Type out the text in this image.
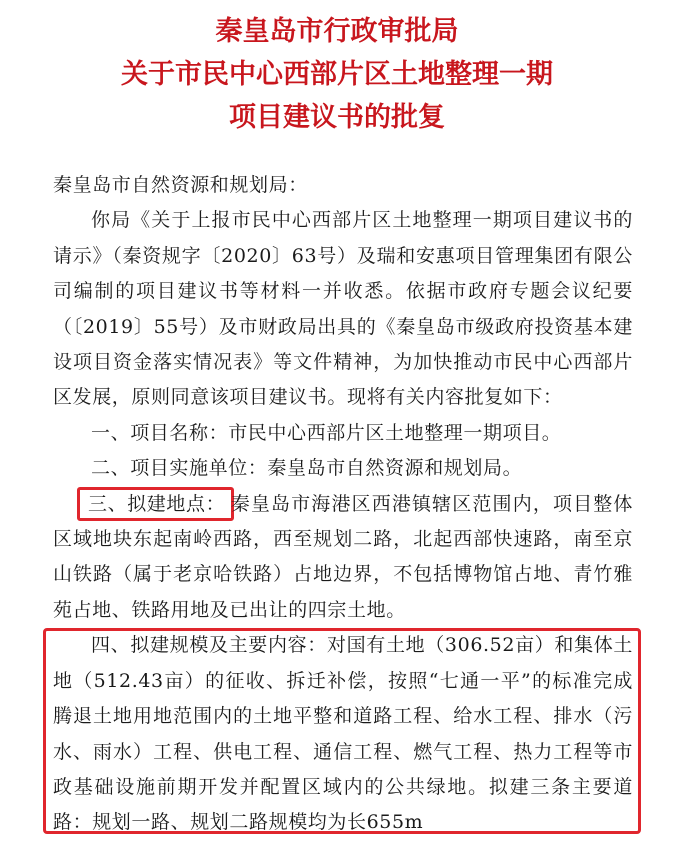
秦皇岛市行政审批局
关于市民中心西部片区土地整理一期
项目建议书的批复

秦皇岛市自然资源和规划局：

你局《关于上报市民中心西部片区土地整理一期项目建议书的请示》（秦资规字〔2020〕63号）及瑞和安惠项目管理集团有限公司编制的项目建议书等材料一并收悉。依据市政府专题会议纪要（〔2019〕55号）及市财政局出具的《秦皇岛市级政府投资基本建设项目资金落实情况表》等文件精神，为加快推动市民中心西部片区发展，原则同意该项目建议书。现将有关内容批复如下：

一、项目名称：市民中心西部片区土地整理一期项目。

二、项目实施单位：秦皇岛市自然资源和规划局。

三、拟建地点： 秦皇岛市海港区西港镇辖区范围内，项目整体区域地块东起南岭西路，西至规划二路，北起西部快速路，南至京山铁路（属于老京哈铁路）占地边界，不包括博物馆占地、青竹雅苑占地、铁路用地及已出让的四宗土地。

四、拟建规模及主要内容：对国有土地（306.52亩）和集体土地（512.43亩）的征收、拆迁补偿，按照“七通一平”的标准完成腾退土地用地范围内的土地平整和道路工程、给水工程、排水（污水、雨水）工程、供电工程、通信工程、燃气工程、热力工程等市政基础设施前期开发并配置区域内的公共绿地。拟建三条主要道路：规划一路、规划二路规模均为长655m
